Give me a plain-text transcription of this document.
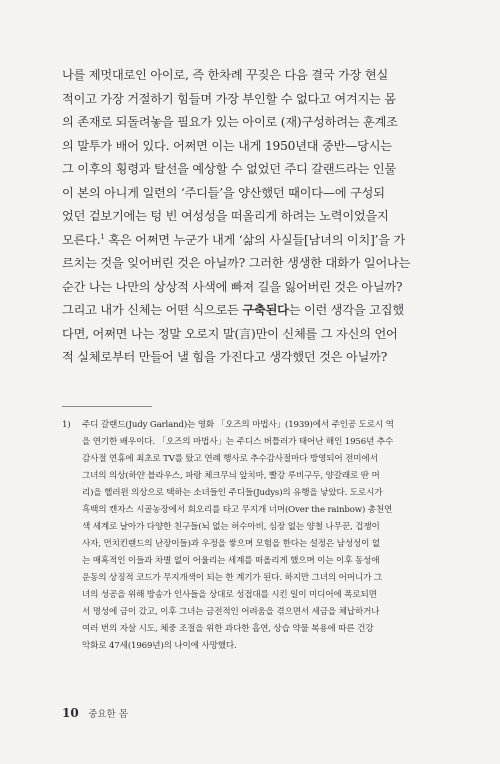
나를 제멋대로인 아이로, 즉 한차례 꾸짖은 다음 결국 가장 현실
적이고 가장 거절하기 힘들며 가장 부인할 수 없다고 여겨지는 몸
의 존재로 되돌려놓을 필요가 있는 아이로 (재)구성하려는 훈계조
의 말투가 배어 있다. 어쩌면 이는 내게 1950년대 중반—당시는
그 이후의 횡령과 탈선을 예상할 수 없었던 주디 갈랜드라는 인물
이 본의 아니게 일련의 ‘주디들’을 양산했던 때이다—에 구성되
었던 겉보기에는 텅 빈 여성성을 떠올리게 하려는 노력이었을지
모른다.$^1$ 혹은 어쩌면 누군가 내게 ‘삶의 사실들[남녀의 이치]’을 가
르치는 것을 잊어버린 것은 아닐까? 그러한 생생한 대화가 일어나는
순간 나는 나만의 상상적 사색에 빠져 길을 잃어버린 것은 아닐까?
그리고 내가 신체는 어떤 식으로든 구축된다는 이런 생각을 고집했
다면, 어쩌면 나는 정말 오로지 말(言)만이 신체를 그 자신의 언어
적 실체로부터 만들어 낼 힘을 가진다고 생각했던 것은 아닐까?
1) 주디 갈랜드(Judy Garland)는 영화 「오즈의 마법사」(1939)에서 주인공 도로시 역
을 연기한 배우이다. 「오즈의 마법사」는 주디스 버틀러가 태어난 해인 1956년 추수
감사절 연휴에 최초로 TV를 탔고 연례 행사로 추수감사절마다 방영되어 전미에서
그녀의 의상(하얀 블라우스, 파랑 체크무늬 앞치마, 빨강 루비구두, 양갈래로 딴 머
리)을 헬러윈 의상으로 택하는 소녀들인 주디들(Judys)의 유행을 낳았다. 도로시가
흑백의 캔자스 시골농장에서 회오리를 타고 무지개 너머(Over the rainbow) 총천연
색 세계로 날아가 다양한 친구들(뇌 없는 허수아비, 심장 없는 양철 나무꾼, 겁쟁이
사자, 먼치킨랜드의 난장이들)과 우정을 쌓으며 모험을 한다는 설정은 남성성이 없
는 매혹적인 이들과 차별 없이 어울리는 세계를 떠올리게 했으며 이는 이후 동성애
운동의 상징적 코드가 무지개색이 되는 한 계기가 된다. 하지만 그녀의 어머니가 그
녀의 성공을 위해 방송가 인사들을 상대로 성접대를 시킨 일이 미디어에 폭로되면
서 명성에 금이 갔고, 이후 그녀는 금전적인 어려움을 겪으면서 세금을 체납하거나
여러 번의 자살 시도, 체중 조절을 위한 과다한 흡연, 상습 약물 복용에 따른 건강
악화로 47세(1969년)의 나이에 사망했다.
10 중요한 몸
